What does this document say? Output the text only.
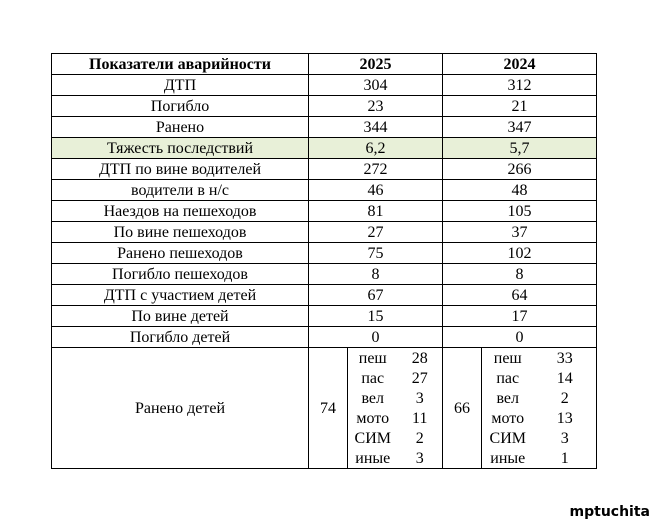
Показатели аварийности	2025			2024		
ДТП	304			312		
Погибло	23			21		
Ранено	344			347		
Тяжесть последствий	6,2			5,7		
ДТП по вине водителей	272			266		
водители в н/с	46			48		
Наездов на пешеходов	81			105		
По вине пешеходов	27			37		
Ранено пешеходов	75			102		
Погибло пешеходов	8			8		
ДТП с участием детей	67			64		
По вине детей	15			17		
Погибло детей	0			0		
Ранено детей	74	пеш	28	66	пеш	33
		пас	27		пас	14
		вел	3		вел	2
		мото	11		мото	13
		СИМ	2		СИМ	3
		иные	3		иные	1
mptuchita
